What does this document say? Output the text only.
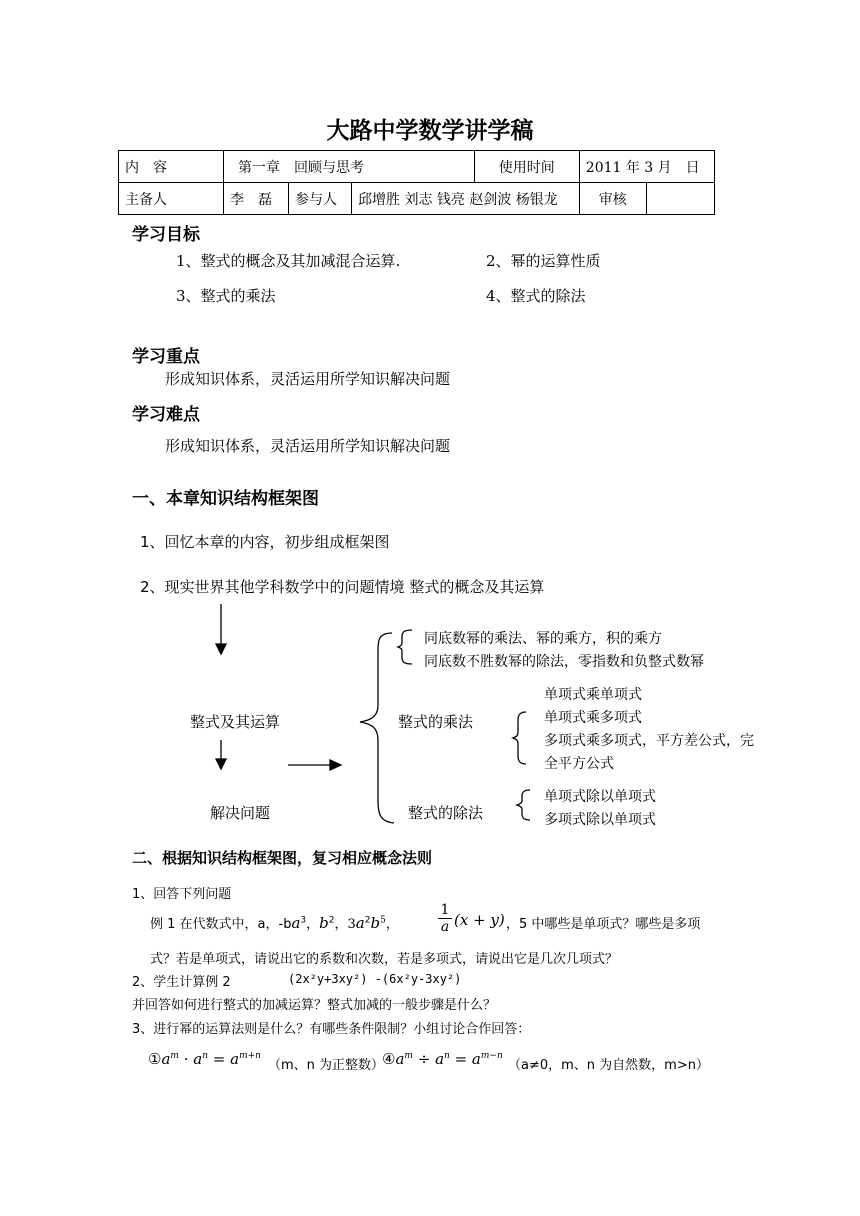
大路中学数学讲学稿
内　容	第一章　回顾与思考			使用时间	2011 年 3 月　日	
主备人	李　磊	参与人	邱增胜 刘志 钱亮 赵剑波 杨银龙		审核	
学习目标
1、整式的概念及其加减混合运算.	2、幂的运算性质
3、整式的乘法	4、整式的除法
学习重点
形成知识体系，灵活运用所学知识解决问题
学习难点
形成知识体系，灵活运用所学知识解决问题
一、本章知识结构框架图
1、回忆本章的内容，初步组成框架图
2、现实世界其他学科数学中的问题情境 整式的概念及其运算
同底数幂的乘法、幂的乘方，积的乘方
同底数不胜数幂的除法，零指数和负整式数幂
整式及其运算	整式的乘法
单项式乘单项式
单项式乘多项式
多项式乘多项式，平方差公式，完
全平方公式
解决问题	整式的除法
单项式除以单项式
多项式除以单项式
二、根据知识结构框架图，复习相应概念法则
1、回答下列问题
例 1 在代数式中，a，$-ba^3$，$b^2$，$3a^2b^5$，	$\frac{1}{a} (x + y)$ ，5 中哪些是单项式？哪些是多项
式？若是单项式，请说出它的系数和次数，若是多项式，请说出它是几次几项式？
2、学生计算例 2	(2x²y+3xy²) -(6x²y-3xy²)
并回答如何进行整式的加减运算？整式加减的一般步骤是什么？
3、进行幂的运算法则是什么？有哪些条件限制？小组讨论合作回答：
$①a^m \cdot a^n = a^{m+n}$
（m、n 为正整数）
$④a^m \div a^n = a^{m-n}$
（a≠0，m、n 为自然数，m>n）
